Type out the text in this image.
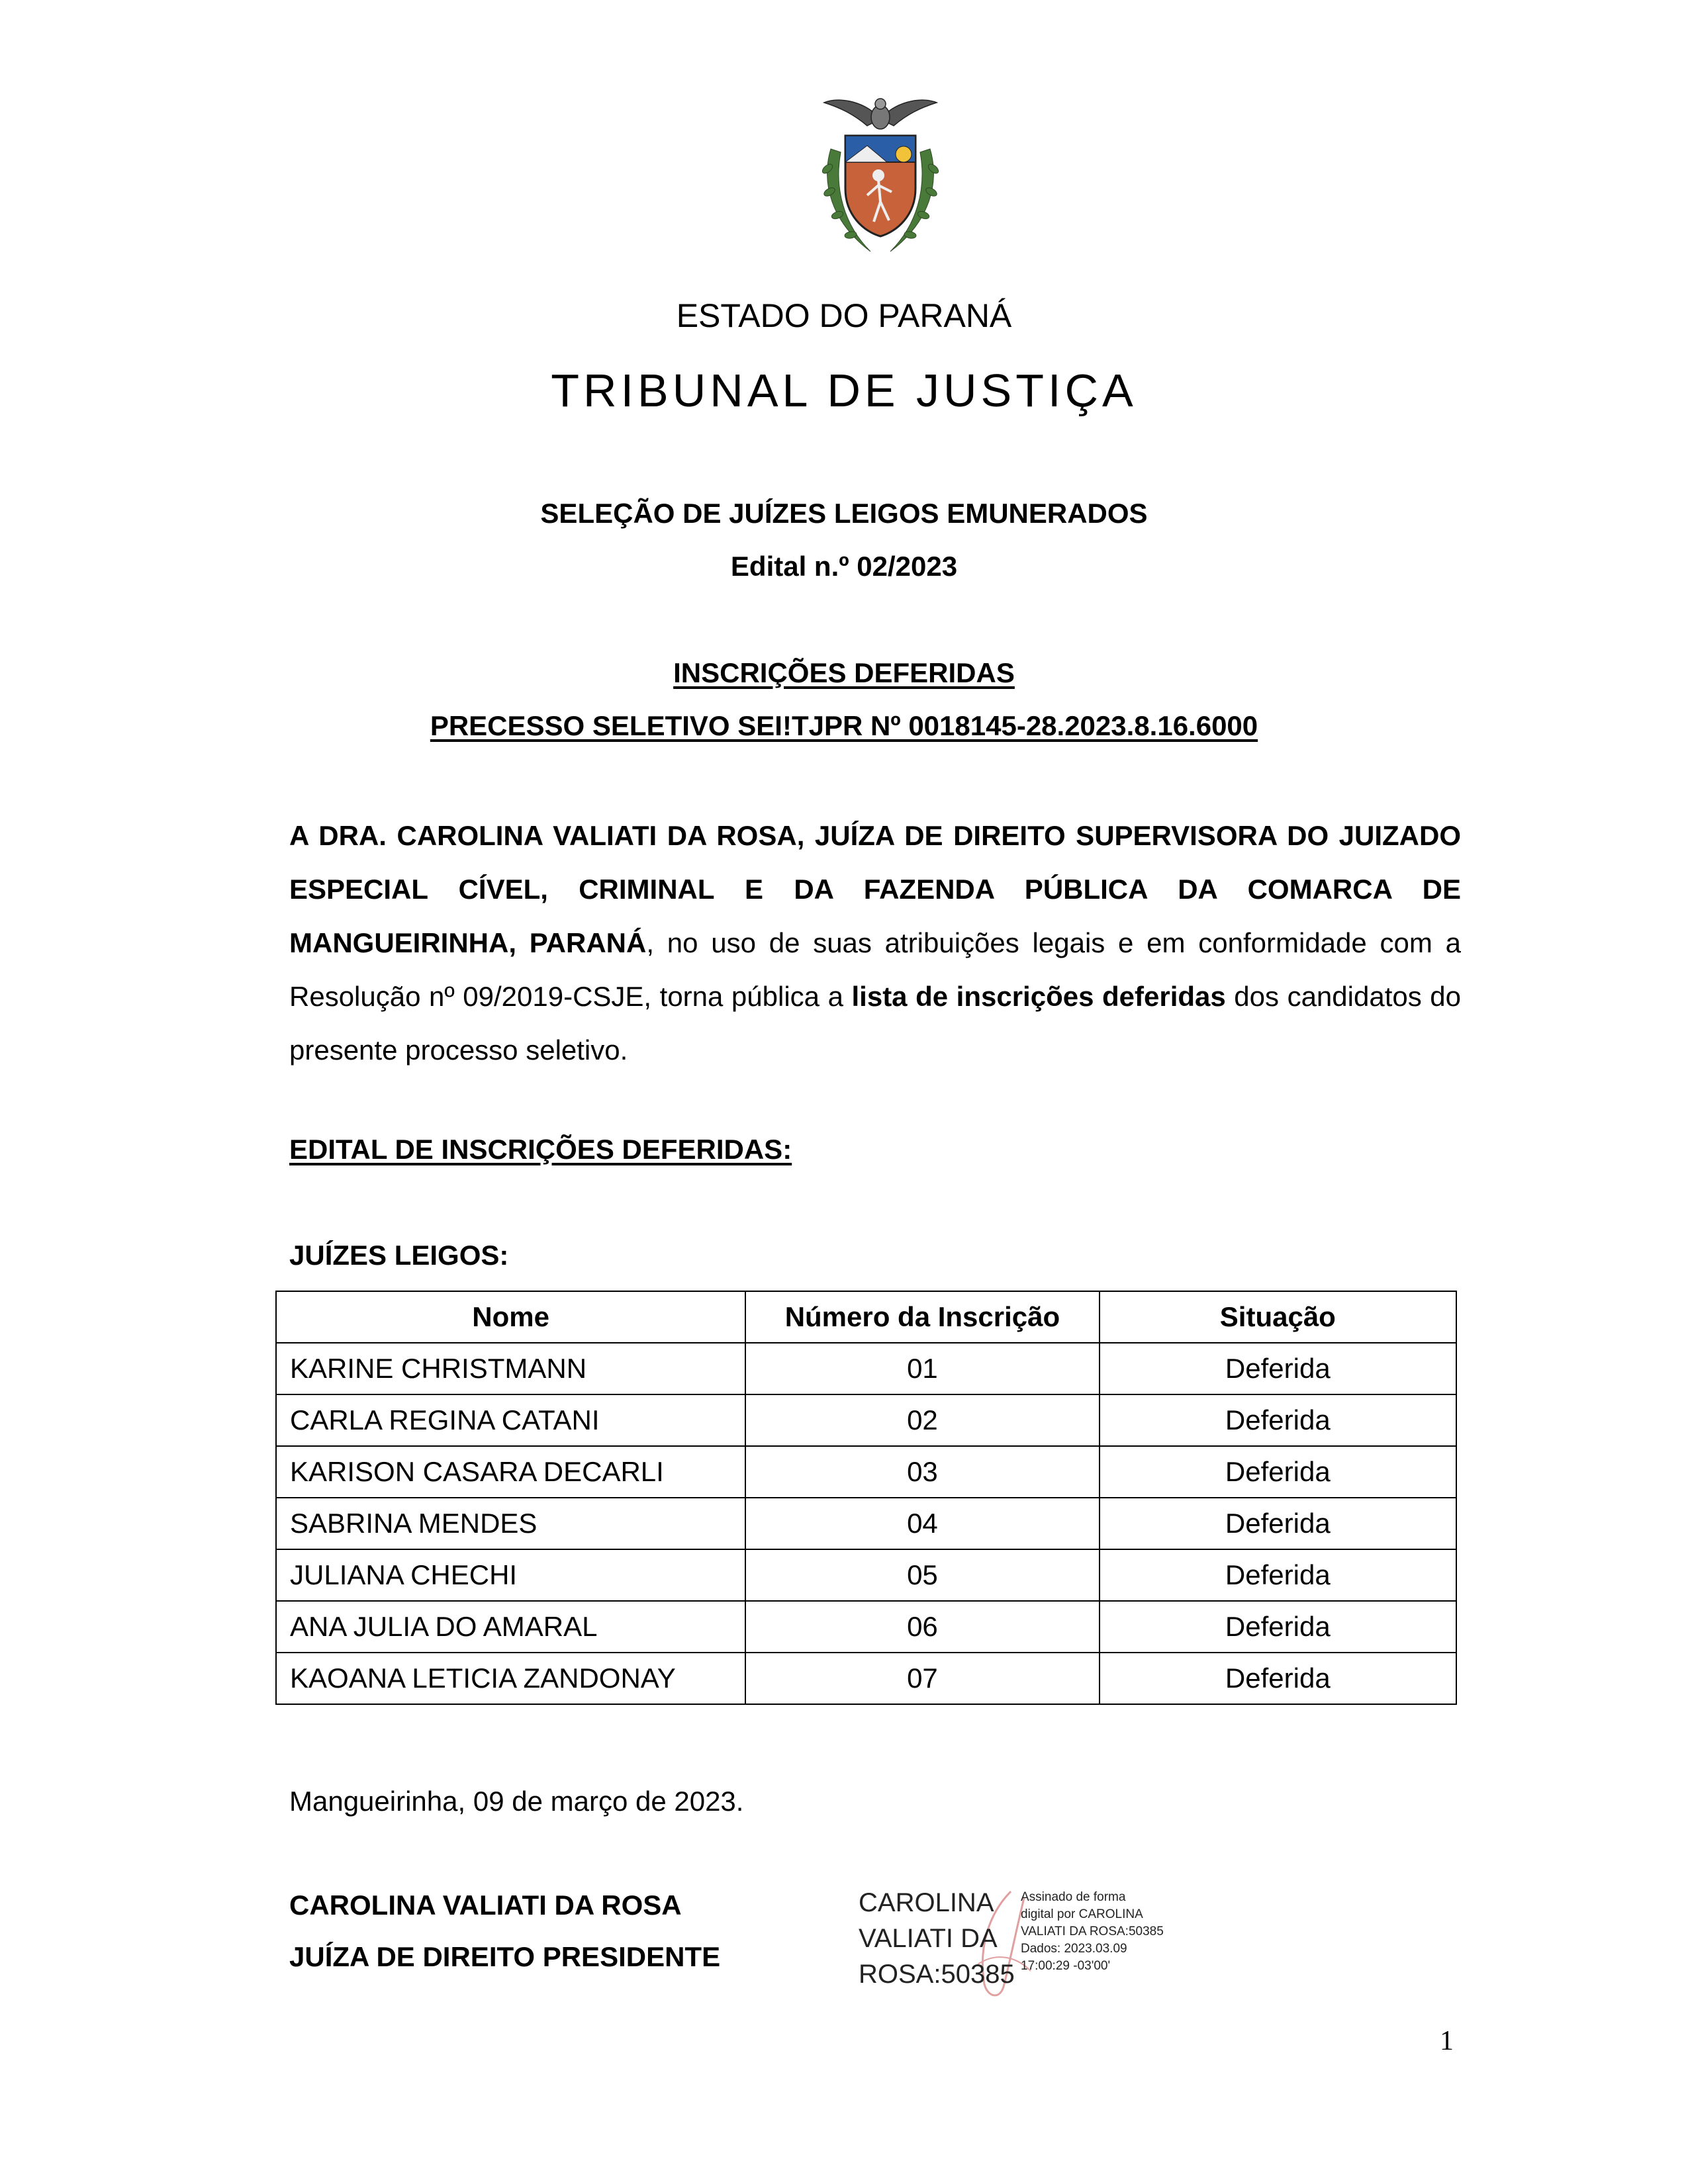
ESTADO DO PARANÁ
TRIBUNAL DE JUSTIÇA
SELEÇÃO DE JUÍZES LEIGOS EMUNERADOS
Edital n.º 02/2023
INSCRIÇÕES DEFERIDAS
PRECESSO SELETIVO SEI!TJPR Nº 0018145-28.2023.8.16.6000

A DRA. CAROLINA VALIATI DA ROSA, JUÍZA DE DIREITO SUPERVISORA DO JUIZADO ESPECIAL CÍVEL, CRIMINAL E DA FAZENDA PÚBLICA DA COMARCA DE MANGUEIRINHA, PARANÁ, no uso de suas atribuições legais e em conformidade com a Resolução nº 09/2019-CSJE, torna pública a lista de inscrições deferidas dos candidatos do presente processo seletivo.

EDITAL DE INSCRIÇÕES DEFERIDAS:
JUÍZES LEIGOS:
Nome	Número da Inscrição	Situação
KARINE CHRISTMANN	01	Deferida
CARLA REGINA CATANI	02	Deferida
KARISON CASARA DECARLI	03	Deferida
SABRINA MENDES	04	Deferida
JULIANA CHECHI	05	Deferida
ANA JULIA DO AMARAL	06	Deferida
KAOANA LETICIA ZANDONAY	07	Deferida
Mangueirinha, 09 de março de 2023.
CAROLINA VALIATI DA ROSA
JUÍZA DE DIREITO PRESIDENTE
CAROLINA
VALIATI DA
ROSA:50385
Assinado de forma
digital por CAROLINA
VALIATI DA ROSA:50385
Dados: 2023.03.09
17:00:29 -03'00'
1
